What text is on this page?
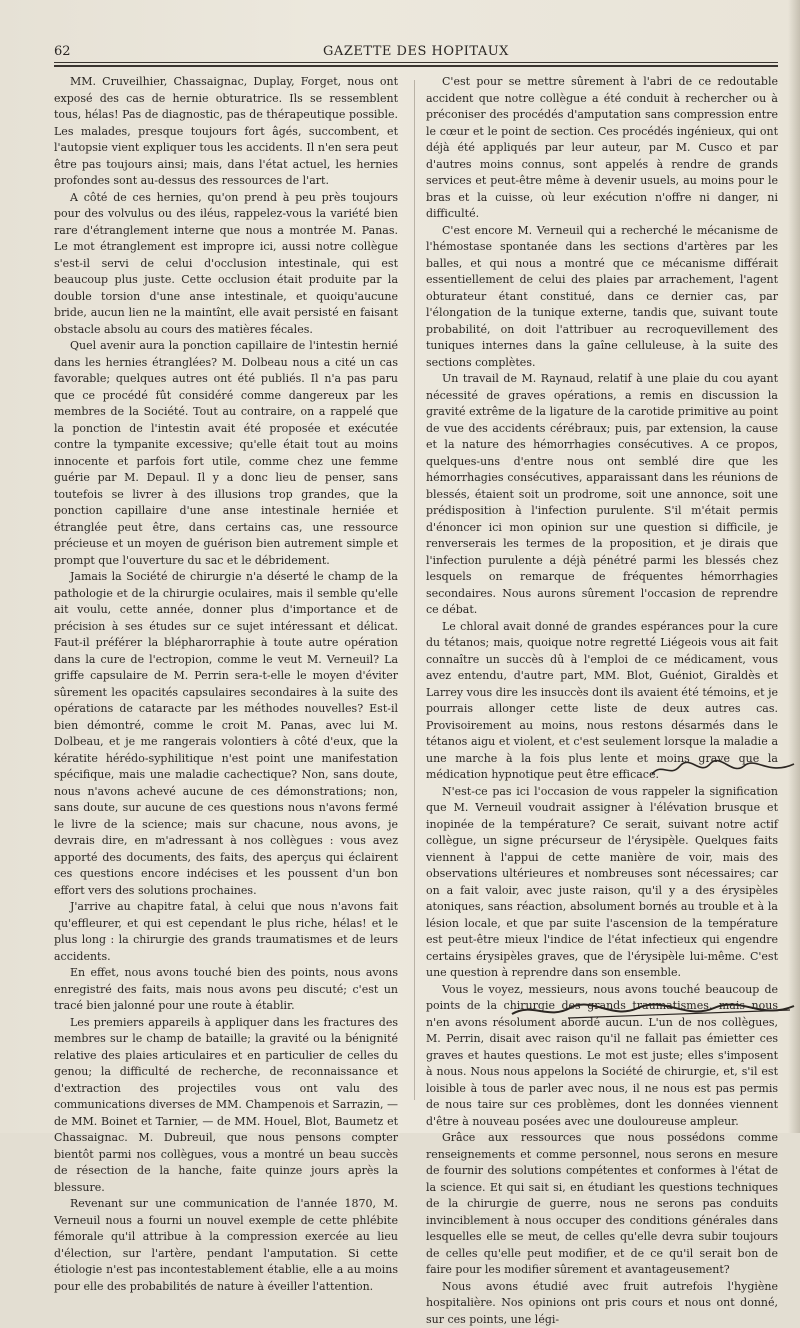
62	GAZETTE DES HOPITAUX

MM. Cruveilhier, Chassaignac, Duplay, Forget, nous ont exposé des cas de hernie obturatrice. Ils se ressemblent tous, hélas! Pas de diagnostic, pas de thérapeutique possible. Les malades, presque toujours fort âgés, succombent, et l'autopsie vient expliquer tous les accidents. Il n'en sera peut être pas toujours ainsi; mais, dans l'état actuel, les hernies profondes sont au-dessus des ressources de l'art.

A côté de ces hernies, qu'on prend à peu près toujours pour des volvulus ou des iléus, rappelez-vous la variété bien rare d'étranglement interne que nous a montrée M. Panas. Le mot étranglement est impropre ici, aussi notre collègue s'est-il servi de celui d'occlusion intestinale, qui est beaucoup plus juste. Cette occlusion était produite par la double torsion d'une anse intestinale, et quoiqu'aucune bride, aucun lien ne la maintînt, elle avait persisté en faisant obstacle absolu au cours des matières fécales.

Quel avenir aura la ponction capillaire de l'intestin hernié dans les hernies étranglées? M. Dolbeau nous a cité un cas favorable; quelques autres ont été publiés. Il n'a pas paru que ce procédé fût considéré comme dangereux par les membres de la Société. Tout au contraire, on a rappelé que la ponction de l'intestin avait été proposée et exécutée contre la tympanite excessive; qu'elle était tout au moins innocente et parfois fort utile, comme chez une femme guérie par M. Depaul. Il y a donc lieu de penser, sans toutefois se livrer à des illusions trop grandes, que la ponction capillaire d'une anse intestinale herniée et étranglée peut être, dans certains cas, une ressource précieuse et un moyen de guérison bien autrement simple et prompt que l'ouverture du sac et le débridement.

Jamais la Société de chirurgie n'a déserté le champ de la pathologie et de la chirurgie oculaires, mais il semble qu'elle ait voulu, cette année, donner plus d'importance et de précision à ses études sur ce sujet intéressant et délicat. Faut-il préférer la blépharorraphie à toute autre opération dans la cure de l'ectropion, comme le veut M. Verneuil? La griffe capsulaire de M. Perrin sera-t-elle le moyen d'éviter sûrement les opacités capsulaires secondaires à la suite des opérations de cataracte par les méthodes nouvelles? Est-il bien démontré, comme le croit M. Panas, avec lui M. Dolbeau, et je me rangerais volontiers à côté d'eux, que la kératite hérédo-syphilitique n'est point une manifestation spécifique, mais une maladie cachectique? Non, sans doute, nous n'avons achevé aucune de ces démonstrations; non, sans doute, sur aucune de ces questions nous n'avons fermé le livre de la science; mais sur chacune, nous avons, je devrais dire, en m'adressant à nos collègues : vous avez apporté des documents, des faits, des aperçus qui éclairent ces questions encore indécises et les poussent d'un bon effort vers des solutions prochaines.

J'arrive au chapitre fatal, à celui que nous n'avons fait qu'effleurer, et qui est cependant le plus riche, hélas! et le plus long : la chirurgie des grands traumatismes et de leurs accidents.

En effet, nous avons touché bien des points, nous avons enregistré des faits, mais nous avons peu discuté; c'est un tracé bien jalonné pour une route à établir.

Les premiers appareils à appliquer dans les fractures des membres sur le champ de bataille; la gravité ou la bénignité relative des plaies articulaires et en particulier de celles du genou; la difficulté de recherche, de reconnaissance et d'extraction des projectiles vous ont valu des communications diverses de MM. Champenois et Sarrazin, — de MM. Boinet et Tarnier, — de MM. Houel, Blot, Baumetz et Chassaignac. M. Dubreuil, que nous pensons compter bientôt parmi nos collègues, vous a montré un beau succès de résection de la hanche, faite quinze jours après la blessure.

Revenant sur une communication de l'année 1870, M. Verneuil nous a fourni un nouvel exemple de cette phlébite fémorale qu'il attribue à la compression exercée au lieu d'élection, sur l'artère, pendant l'amputation. Si cette étiologie n'est pas incontestablement établie, elle a au moins pour elle des probabilités de nature à éveiller l'attention.

C'est pour se mettre sûrement à l'abri de ce redoutable accident que notre collègue a été conduit à rechercher ou à préconiser des procédés d'amputation sans compression entre le cœur et le point de section. Ces procédés ingénieux, qui ont déjà été appliqués par leur auteur, par M. Cusco et par d'autres moins connus, sont appelés à rendre de grands services et peut-être même à devenir usuels, au moins pour le bras et la cuisse, où leur exécution n'offre ni danger, ni difficulté.

C'est encore M. Verneuil qui a recherché le mécanisme de l'hémostase spontanée dans les sections d'artères par les balles, et qui nous a montré que ce mécanisme différait essentiellement de celui des plaies par arrachement, l'agent obturateur étant constitué, dans ce dernier cas, par l'élongation de la tunique externe, tandis que, suivant toute probabilité, on doit l'attribuer au recroquevillement des tuniques internes dans la gaîne celluleuse, à la suite des sections complètes.

Un travail de M. Raynaud, relatif à une plaie du cou ayant nécessité de graves opérations, a remis en discussion la gravité extrême de la ligature de la carotide primitive au point de vue des accidents cérébraux; puis, par extension, la cause et la nature des hémorrhagies consécutives. A ce propos, quelques-uns d'entre nous ont semblé dire que les hémorrhagies consécutives, apparaissant dans les réunions de blessés, étaient soit un prodrome, soit une annonce, soit une prédisposition à l'infection purulente. S'il m'était permis d'énoncer ici mon opinion sur une question si difficile, je renverserais les termes de la proposition, et je dirais que l'infection purulente a déjà pénétré parmi les blessés chez lesquels on remarque de fréquentes hémorrhagies secondaires. Nous aurons sûrement l'occasion de reprendre ce débat.

Le chloral avait donné de grandes espérances pour la cure du tétanos; mais, quoique notre regretté Liégeois vous ait fait connaître un succès dû à l'emploi de ce médicament, vous avez entendu, d'autre part, MM. Blot, Guéniot, Giraldès et Larrey vous dire les insuccès dont ils avaient été témoins, et je pourrais allonger cette liste de deux autres cas. Provisoirement au moins, nous restons désarmés dans le tétanos aigu et violent, et c'est seulement lorsque la maladie a une marche à la fois plus lente et moins grave que la médication hypnotique peut être efficace.

N'est-ce pas ici l'occasion de vous rappeler la signification que M. Verneuil voudrait assigner à l'élévation brusque et inopinée de la température? Ce serait, suivant notre actif collègue, un signe précurseur de l'érysipèle. Quelques faits viennent à l'appui de cette manière de voir, mais des observations ultérieures et nombreuses sont nécessaires; car on a fait valoir, avec juste raison, qu'il y a des érysipèles atoniques, sans réaction, absolument bornés au trouble et à la lésion locale, et que par suite l'ascension de la température est peut-être mieux l'indice de l'état infectieux qui engendre certains érysipèles graves, que de l'érysipèle lui-même. C'est une question à reprendre dans son ensemble.

Vous le voyez, messieurs, nous avons touché beaucoup de points de la chirurgie des grands traumatismes, mais nous n'en avons résolument abordé aucun. L'un de nos collègues, M. Perrin, disait avec raison qu'il ne fallait pas émietter ces graves et hautes questions. Le mot est juste; elles s'imposent à nous. Nous nous appelons la Société de chirurgie, et, s'il est loisible à tous de parler avec nous, il ne nous est pas permis de nous taire sur ces problèmes, dont les données viennent d'être à nouveau posées avec une douloureuse ampleur.

Grâce aux ressources que nous possédons comme renseignements et comme personnel, nous serons en mesure de fournir des solutions compétentes et conformes à l'état de la science. Et qui sait si, en étudiant les questions techniques de la chirurgie de guerre, nous ne serons pas conduits invinciblement à nous occuper des conditions générales dans lesquelles elle se meut, de celles qu'elle devra subir toujours de celles qu'elle peut modifier, et de ce qu'il serait bon de faire pour les modifier sûrement et avantageusement?

Nous avons étudié avec fruit autrefois l'hygiène hospitalière. Nos opinions ont pris cours et nous ont donné, sur ces points, une légi-
